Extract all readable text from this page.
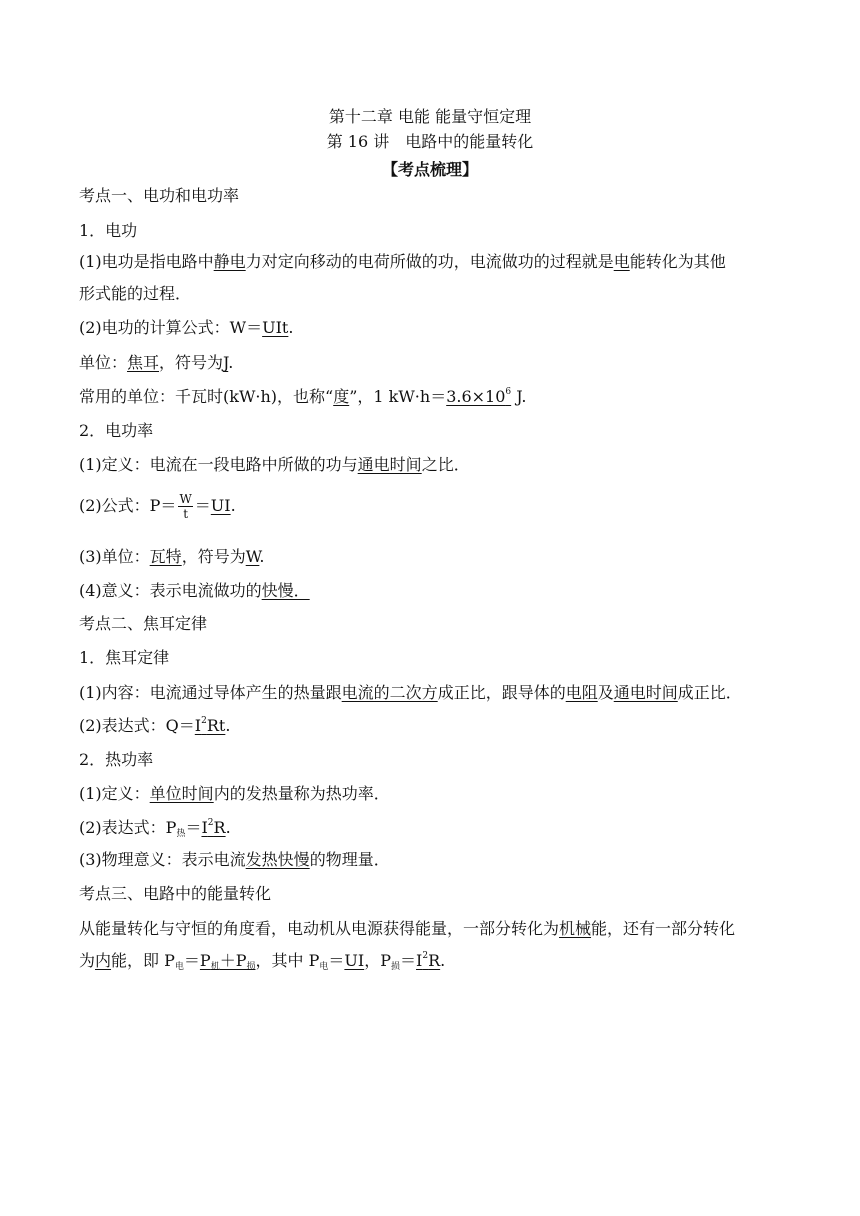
第十二章 电能 能量守恒定理
第 16 讲　电路中的能量转化
【考点梳理】
考点一、电功和电功率
1．电功
(1)电功是指电路中静电力对定向移动的电荷所做的功，电流做功的过程就是电能转化为其他
形式能的过程．
(2)电功的计算公式：W＝UIt.
单位：焦耳，符号为J.
常用的单位：千瓦时(kW·h)，也称“度”，1 $kW\cdot h=3.6\times 10^6$ J.
2．电功率
(1)定义：电流在一段电路中所做的功与通电时间之比．
(2)公式：$P= \frac{W}{t} =UI$.
(3)单位：瓦特，符号为W.
(4)意义：表示电流做功的快慢．
考点二、焦耳定律
1．焦耳定律
(1)内容：电流通过导体产生的热量跟电流的二次方成正比，跟导体的电阻及通电时间成正比．
(2)表达式：$Q=I^2Rt$.
2．热功率
(1)定义：单位时间内的发热量称为热功率．
(2)表达式：$P_热=I^2R$.
(3)物理意义：表示电流发热快慢的物理量．
考点三、电路中的能量转化
从能量转化与守恒的角度看，电动机从电源获得能量，一部分转化为机械能，还有一部分转化
为内能，即 $P_电=P_机+P_损$，其中 $P_电=UI$，$P_损=I^2R$.
